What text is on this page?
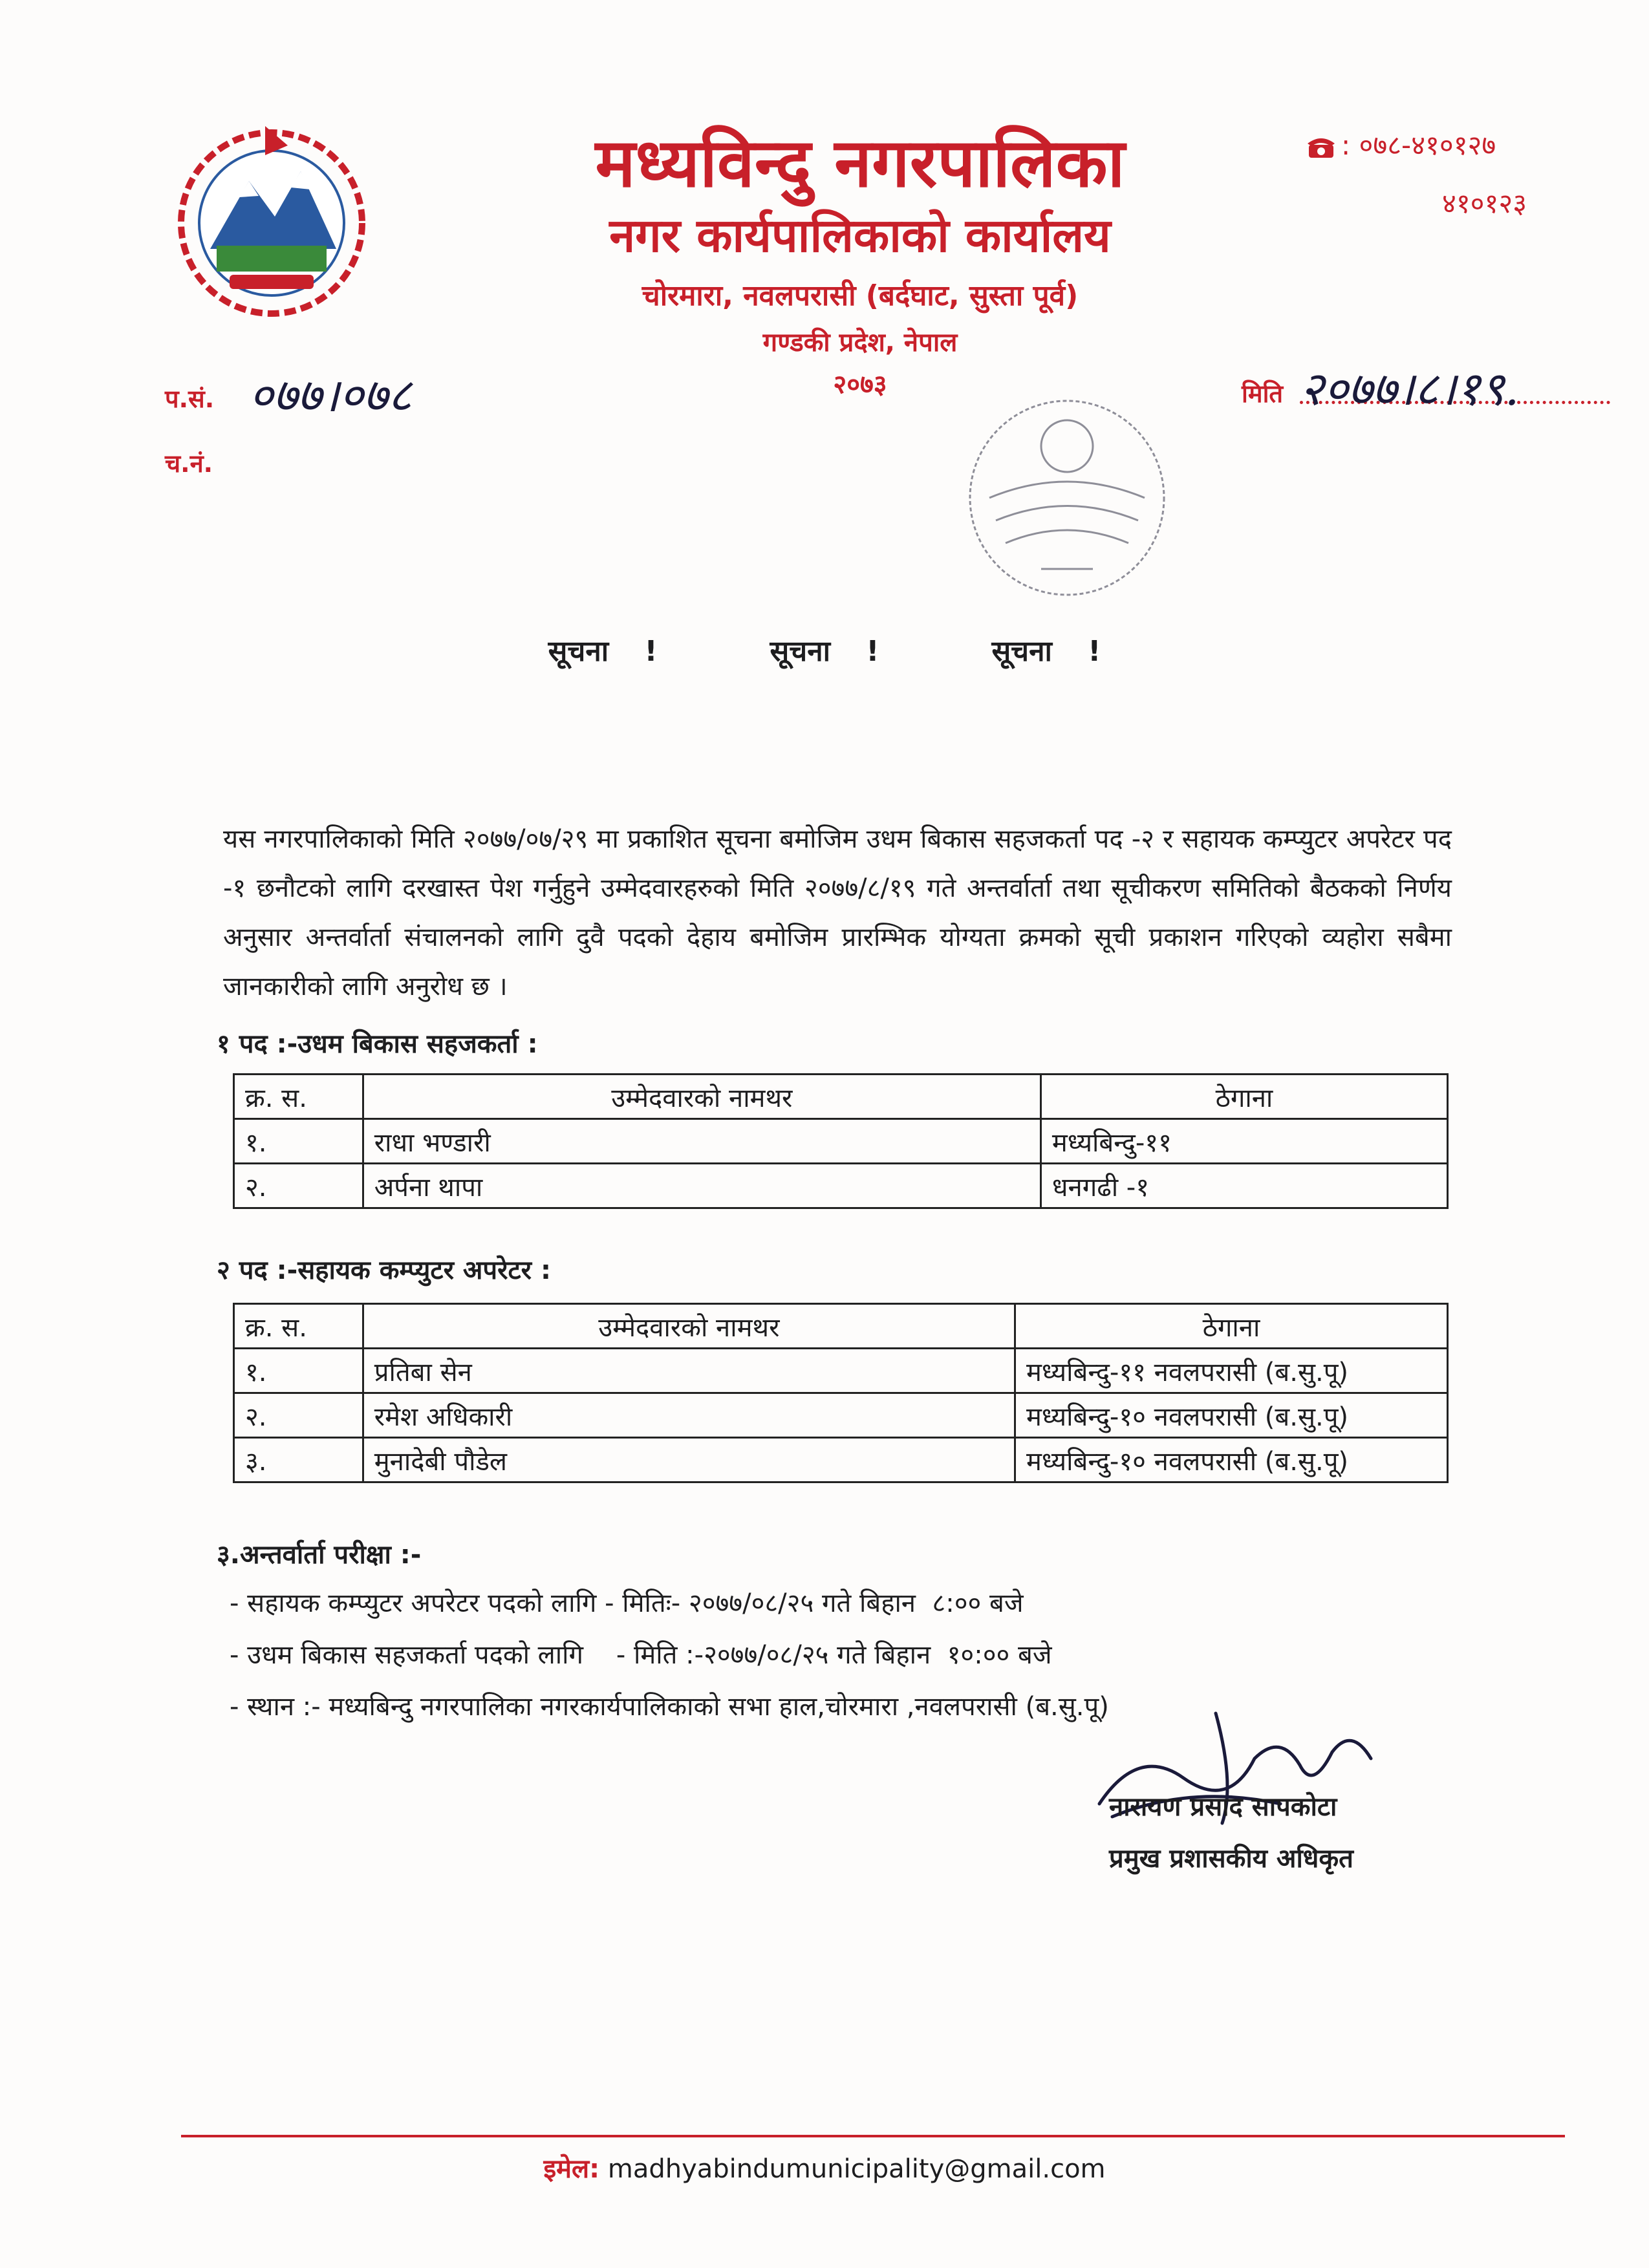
मध्यविन्दु नगरपालिका
नगर कार्यपालिकाको कार्यालय
चोरमारा, नवलपरासी (बर्दघाट, सुस्ता पूर्व)
गण्डकी प्रदेश, नेपाल
२०७३
: ०७८-४१०१२७
४१०१२३
प.सं. ०७७।०७८
च.नं.
मिति २०७७।८।१९.
सूचना !	सूचना !	सूचना !
यस नगरपालिकाको मिति २०७७/०७/२९ मा प्रकाशित सूचना बमोजिम उधम बिकास सहजकर्ता पद -२ र सहायक कम्प्युटर अपरेटर पद -१ छनौटको लागि दरखास्त पेश गर्नुहुने उम्मेदवारहरुको मिति २०७७/८/१९ गते अन्तर्वार्ता तथा सूचीकरण समितिको बैठकको निर्णय अनुसार अन्तर्वार्ता संचालनको लागि दुवै पदको देहाय बमोजिम प्रारम्भिक योग्यता क्रमको सूची प्रकाशन गरिएको व्यहोरा सबैमा जानकारीको लागि अनुरोध छ ।
१ पद :-उधम बिकास सहजकर्ता :
क्र. स.	उम्मेदवारको नामथर	ठेगाना
१.	राधा भण्डारी	मध्यबिन्दु-११
२.	अर्पना थापा	धनगढी -१
२ पद :-सहायक कम्प्युटर अपरेटर :
क्र. स.	उम्मेदवारको नामथर	ठेगाना
१.	प्रतिबा सेन	मध्यबिन्दु-११ नवलपरासी (ब.सु.पू)
२.	रमेश अधिकारी	मध्यबिन्दु-१० नवलपरासी (ब.सु.पू)
३.	मुनादेबी पौडेल	मध्यबिन्दु-१० नवलपरासी (ब.सु.पू)
३.अन्तर्वार्ता परीक्षा :-
- सहायक कम्प्युटर अपरेटर पदको लागि - मितिः- २०७७/०८/२५ गते बिहान  ८:०० बजे
- उधम बिकास सहजकर्ता पदको लागि    - मिति :-२०७७/०८/२५ गते बिहान  १०:०० बजे
- स्थान :- मध्यबिन्दु नगरपालिका नगरकार्यपालिकाको सभा हाल,चोरमारा ,नवलपरासी (ब.सु.पू)
नारायण प्रसाद सापकोटा
प्रमुख प्रशासकीय अधिकृत
इमेल: madhyabindumunicipality@gmail.com
